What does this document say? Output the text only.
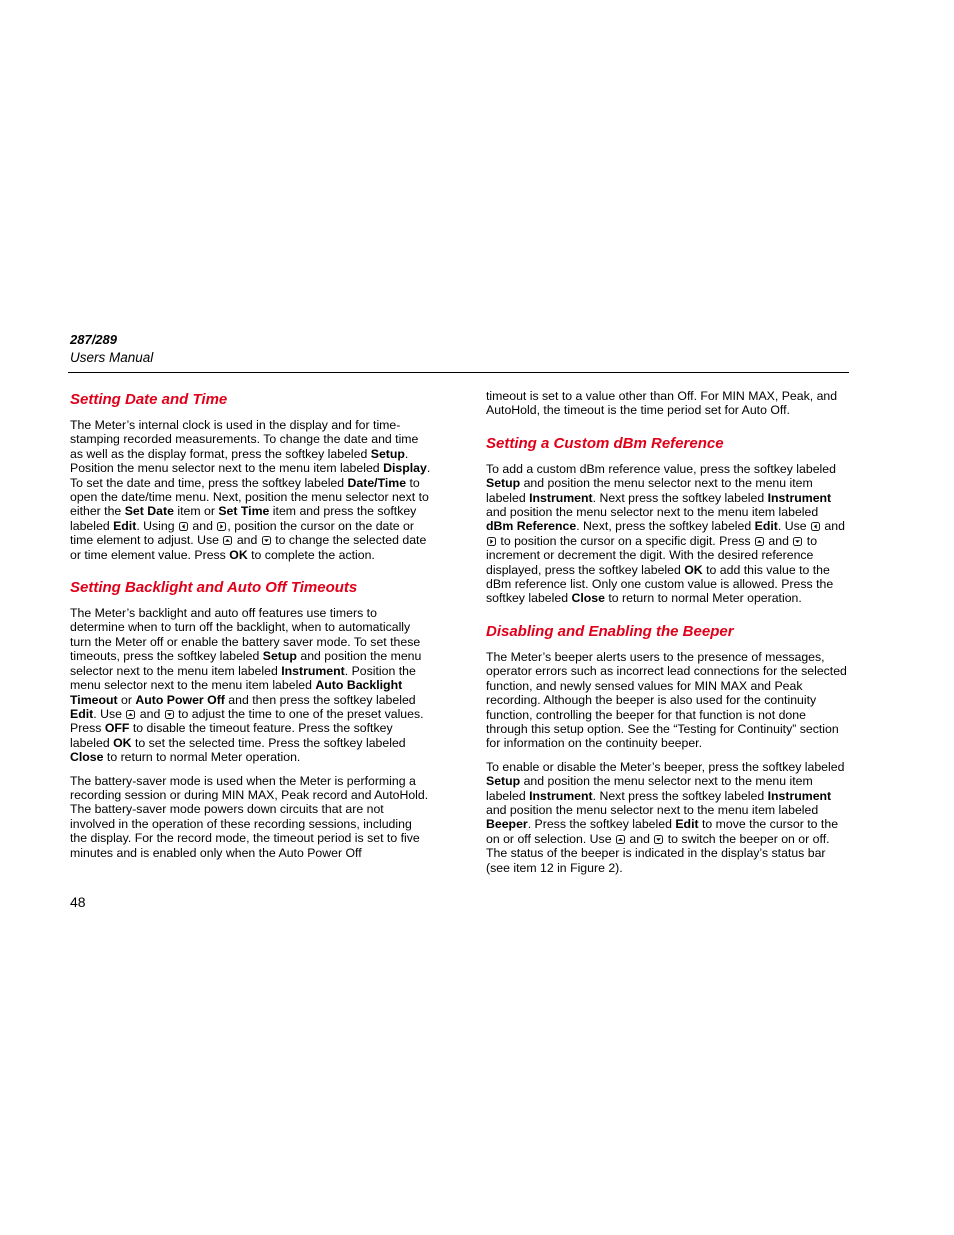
287/289
Users Manual
Setting Date and Time

The Meter’s internal clock is used in the display and for time-stamping recorded measurements. To change the date and time as well as the display format, press the softkey labeled Setup. Position the menu selector next to the menu item labeled Display. To set the date and time, press the softkey labeled Date/Time to open the date/time menu. Next, position the menu selector next to either the Set Date item or Set Time item and press the softkey labeled Edit. Using  and , position the cursor on the date or time element to adjust. Use  and  to change the selected date or time element value. Press OK to complete the action.

Setting Backlight and Auto Off Timeouts

The Meter’s backlight and auto off features use timers to determine when to turn off the backlight, when to automatically turn the Meter off or enable the battery saver mode. To set these timeouts, press the softkey labeled Setup and position the menu selector next to the menu item labeled Instrument. Position the menu selector next to the menu item labeled Auto Backlight Timeout or Auto Power Off and then press the softkey labeled Edit. Use  and  to adjust the time to one of the preset values. Press OFF to disable the timeout feature. Press the softkey labeled OK to set the selected time. Press the softkey labeled Close to return to normal Meter operation.

The battery-saver mode is used when the Meter is performing a recording session or during MIN MAX, Peak record and AutoHold. The battery-saver mode powers down circuits that are not involved in the operation of these recording sessions, including the display. For the record mode, the timeout period is set to five minutes and is enabled only when the Auto Power Off

timeout is set to a value other than Off. For MIN MAX, Peak, and AutoHold, the timeout is the time period set for Auto Off.

Setting a Custom dBm Reference

To add a custom dBm reference value, press the softkey labeled Setup and position the menu selector next to the menu item labeled Instrument. Next press the softkey labeled Instrument and position the menu selector next to the menu item labeled dBm Reference. Next, press the softkey labeled Edit. Use  and  to position the cursor on a specific digit. Press  and  to increment or decrement the digit. With the desired reference displayed, press the softkey labeled OK to add this value to the dBm reference list. Only one custom value is allowed. Press the softkey labeled Close to return to normal Meter operation.

Disabling and Enabling the Beeper

The Meter’s beeper alerts users to the presence of messages, operator errors such as incorrect lead connections for the selected function, and newly sensed values for MIN MAX and Peak recording. Although the beeper is also used for the continuity function, controlling the beeper for that function is not done through this setup option. See the “Testing for Continuity” section for information on the continuity beeper.

To enable or disable the Meter’s beeper, press the softkey labeled Setup and position the menu selector next to the menu item labeled Instrument. Next press the softkey labeled Instrument and position the menu selector next to the menu item labeled Beeper. Press the softkey labeled Edit to move the cursor to the on or off selection. Use  and  to switch the beeper on or off. The status of the beeper is indicated in the display’s status bar (see item 12 in Figure 2).

48
